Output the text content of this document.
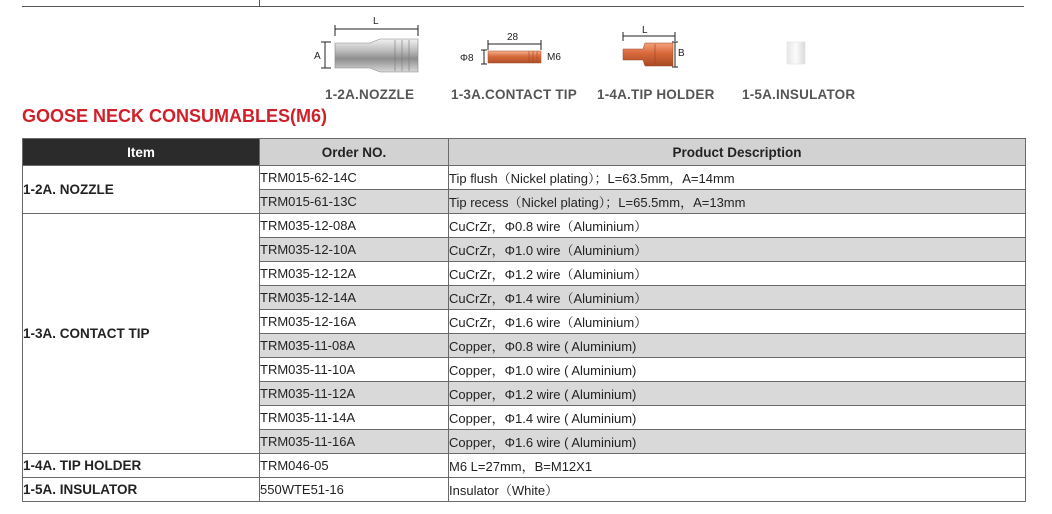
L
A
1-2A.NOZZLE
28
Φ8	M6
1-3A.CONTACT TIP
L
B
1-4A.TIP HOLDER 1-5A.INSULATOR
GOOSE NECK CONSUMABLES(M6)
Item	Order NO.	Product Description
1-2A. NOZZLE	TRM015-62-14C	Tip flush（Nickel plating）；L=63.5mm，A=14mm
	TRM015-61-13C	Tip recess（Nickel plating）；L=65.5mm，A=13mm
1-3A. CONTACT TIP	TRM035-12-08A	CuCrZr，Φ0.8 wire（Aluminium）
	TRM035-12-10A	CuCrZr，Φ1.0 wire（Aluminium）
	TRM035-12-12A	CuCrZr，Φ1.2 wire（Aluminium）
	TRM035-12-14A	CuCrZr，Φ1.4 wire（Aluminium）
	TRM035-12-16A	CuCrZr，Φ1.6 wire（Aluminium）
	TRM035-11-08A	Copper，Φ0.8 wire ( Aluminium)
	TRM035-11-10A	Copper，Φ1.0 wire ( Aluminium)
	TRM035-11-12A	Copper，Φ1.2 wire ( Aluminium)
	TRM035-11-14A	Copper，Φ1.4 wire ( Aluminium)
	TRM035-11-16A	Copper，Φ1.6 wire ( Aluminium)
1-4A. TIP HOLDER	TRM046-05	M6 L=27mm，B=M12X1
1-5A. INSULATOR	550WTE51-16	Insulator（White）
